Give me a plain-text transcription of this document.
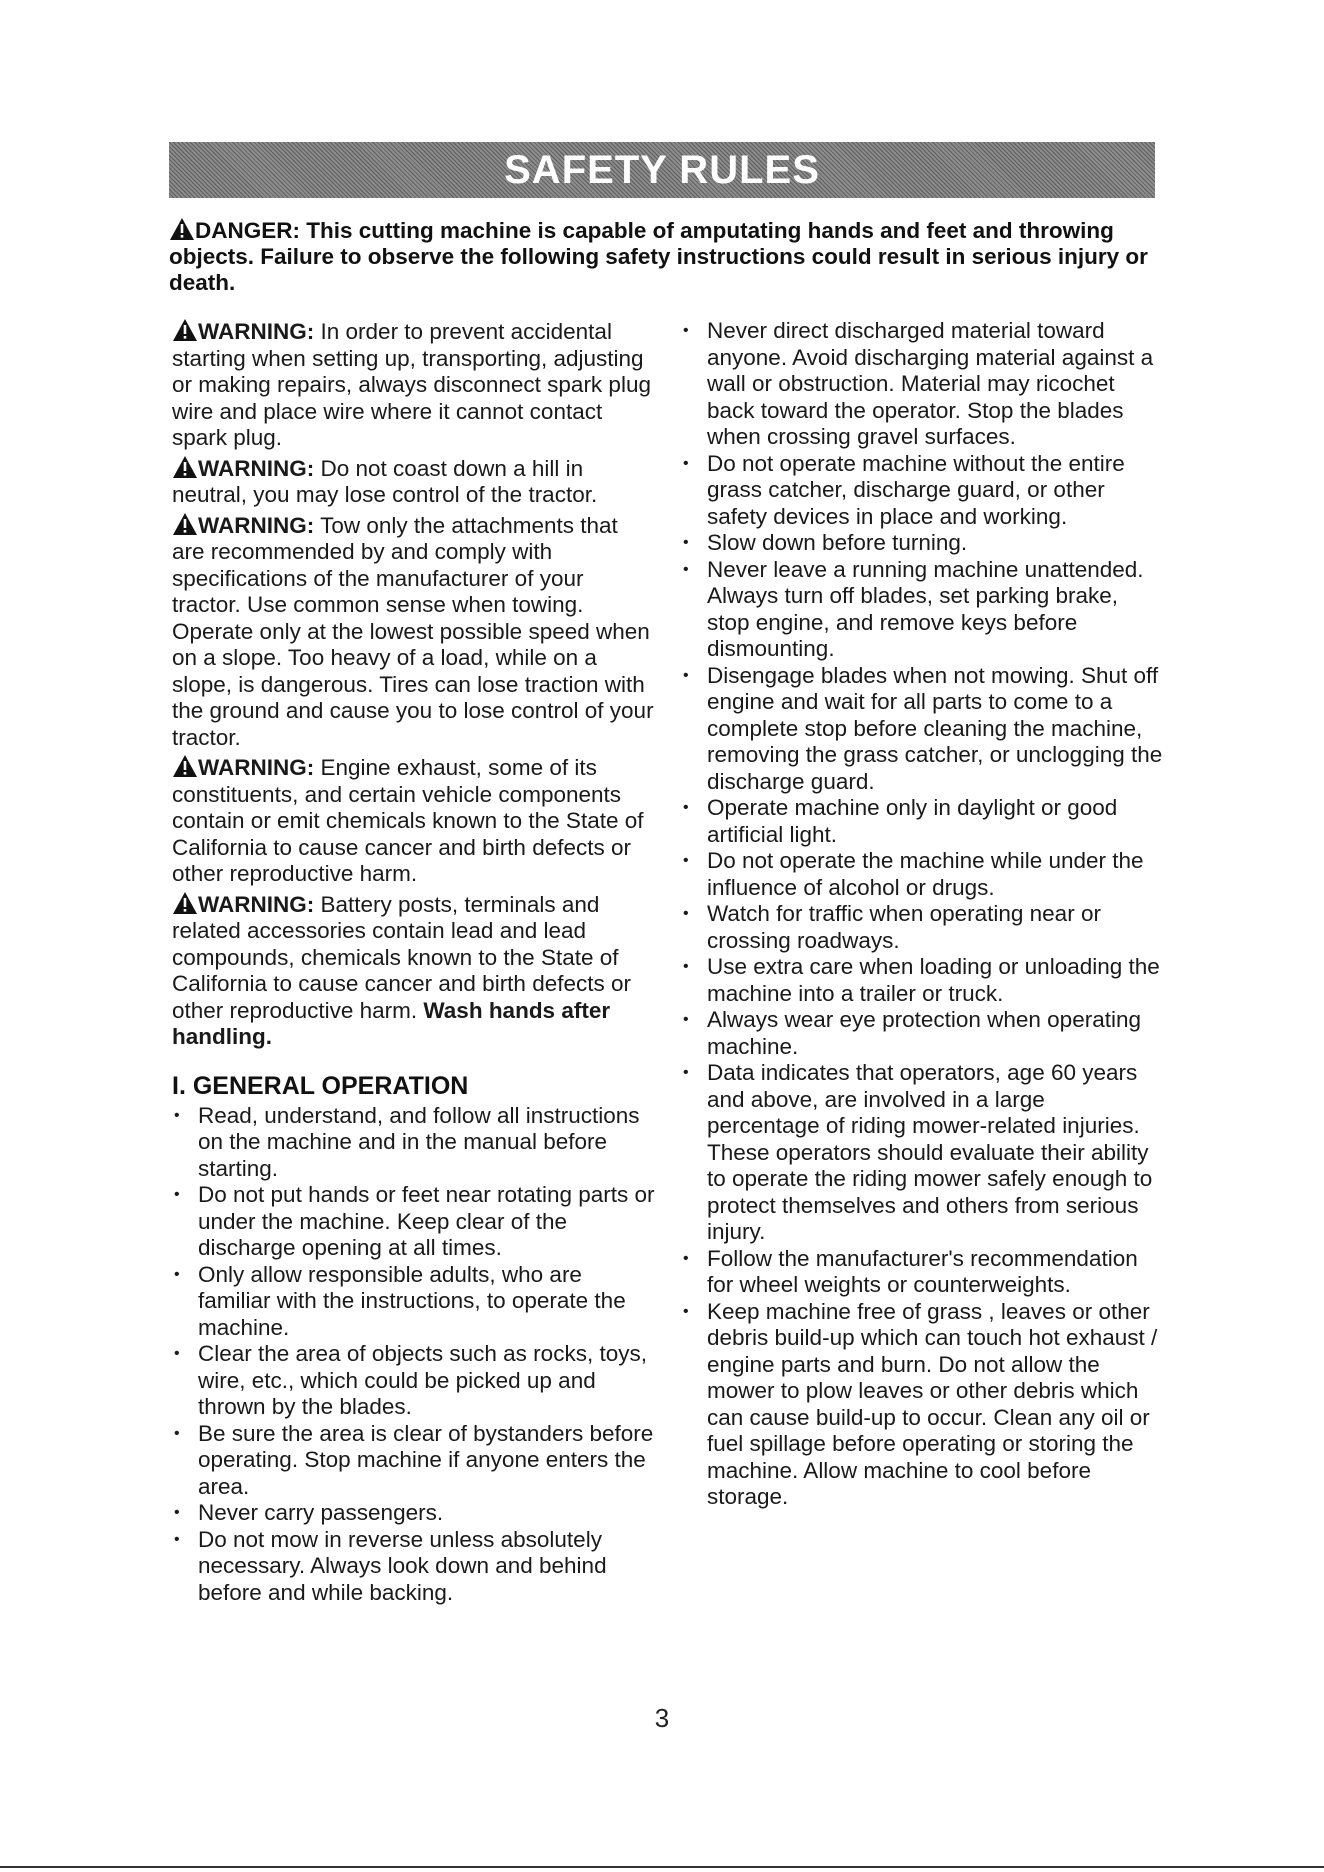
SAFETY RULES
DANGER: This cutting machine is capable of amputating hands and feet and throwing objects. Failure to observe the following safety instructions could result in serious injury or death.

WARNING: In order to prevent accidental starting when setting up, transporting, adjusting or making repairs, always disconnect spark plug wire and place wire where it cannot contact spark plug.

WARNING: Do not coast down a hill in neutral, you may lose control of the tractor.

WARNING: Tow only the attachments that are recommended by and comply with specifications of the manufacturer of your tractor. Use common sense when towing. Operate only at the lowest possible speed when on a slope. Too heavy of a load, while on a slope, is dangerous. Tires can lose traction with the ground and cause you to lose control of your tractor.

WARNING: Engine exhaust, some of its constituents, and certain vehicle components contain or emit chemicals known to the State of California to cause cancer and birth defects or other reproductive harm.

WARNING: Battery posts, terminals and related accessories contain lead and lead compounds, chemicals known to the State of California to cause cancer and birth defects or other reproductive harm. Wash hands after handling.

I. GENERAL OPERATION
• Read, understand, and follow all instructions on the machine and in the manual before starting.
• Do not put hands or feet near rotating parts or under the machine. Keep clear of the discharge opening at all times.
• Only allow responsible adults, who are familiar with the instructions, to operate the machine.
• Clear the area of objects such as rocks, toys, wire, etc., which could be picked up and thrown by the blades.
• Be sure the area is clear of bystanders before operating. Stop machine if anyone enters the area.
• Never carry passengers.
• Do not mow in reverse unless absolutely necessary. Always look down and behind before and while backing.
• Never direct discharged material toward anyone. Avoid discharging material against a wall or obstruction. Material may ricochet back toward the operator. Stop the blades when crossing gravel surfaces.
• Do not operate machine without the entire grass catcher, discharge guard, or other safety devices in place and working.
• Slow down before turning.
• Never leave a running machine unattended. Always turn off blades, set parking brake, stop engine, and remove keys before dismounting.
• Disengage blades when not mowing. Shut off engine and wait for all parts to come to a complete stop before cleaning the machine, removing the grass catcher, or unclogging the discharge guard.
• Operate machine only in daylight or good artificial light.
• Do not operate the machine while under the influence of alcohol or drugs.
• Watch for traffic when operating near or crossing roadways.
• Use extra care when loading or unloading the machine into a trailer or truck.
• Always wear eye protection when operating machine.
• Data indicates that operators, age 60 years and above, are involved in a large percentage of riding mower-related injuries. These operators should evaluate their ability to operate the riding mower safely enough to protect themselves and others from serious injury.
• Follow the manufacturer's recommendation for wheel weights or counterweights.
• Keep machine free of grass , leaves or other debris build-up which can touch hot exhaust / engine parts and burn. Do not allow the mower to plow leaves or other debris which can cause build-up to occur. Clean any oil or fuel spillage before operating or storing the machine. Allow machine to cool before storage.
3
